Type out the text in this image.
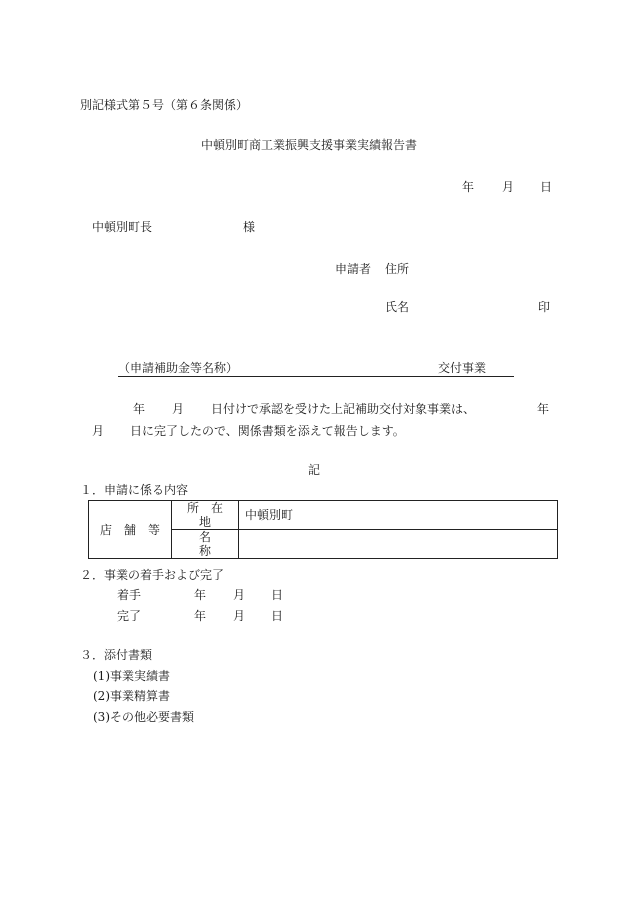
別記様式第５号（第６条関係）
中頓別町商工業振興支援事業実績報告書
年 月 日
中頓別町長	様
申請者 住所
氏名	印
（申請補助金等名称）	交付事業
年 月 日付けで承認を受けた上記補助交付対象事業は、	年
月 日に完了したので、関係書類を添えて報告します。
記
１．申請に係る内容
店　舗　等	所　在　地	中頓別町
	名　　　称	
２．事業の着手および完了
着手	年 月 日
完了	年 月 日
３．添付書類
(1)事業実績書
(2)事業精算書
(3)その他必要書類
